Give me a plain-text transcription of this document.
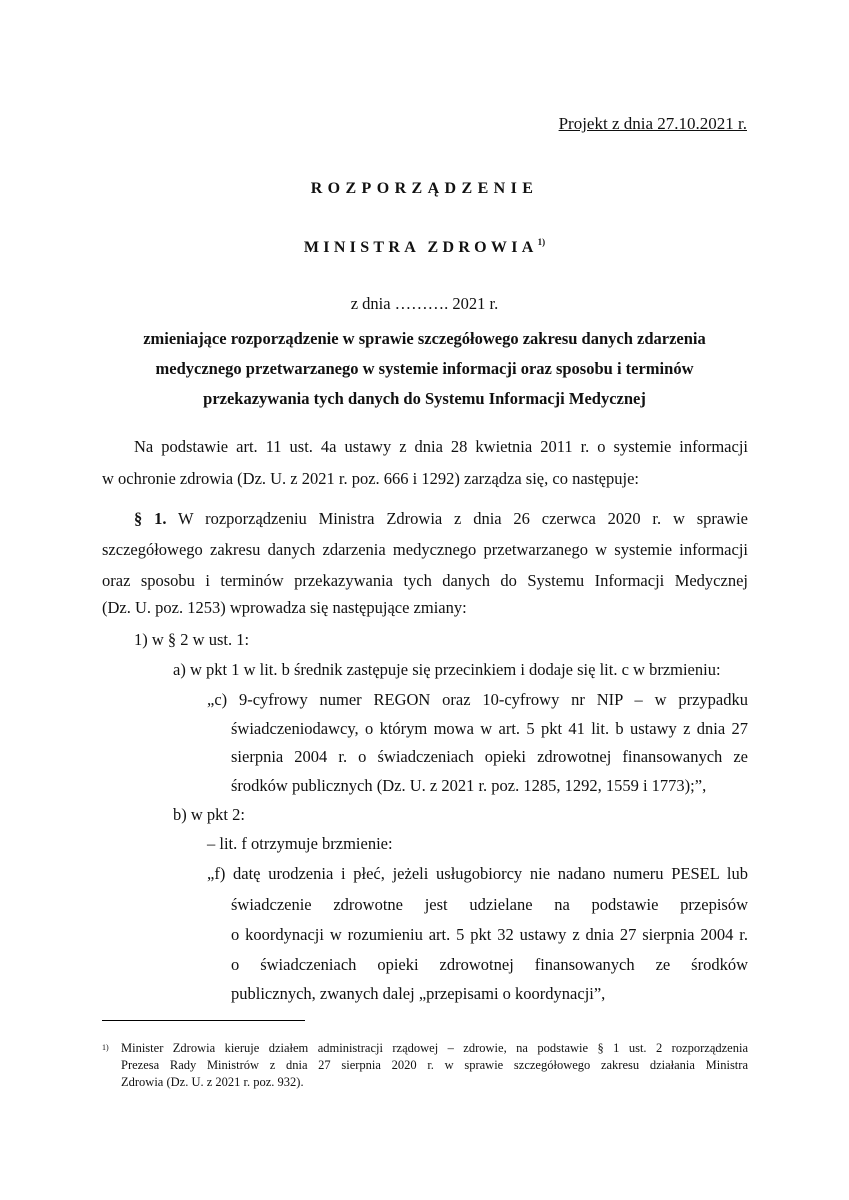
Projekt z dnia 27.10.2021 r.
ROZPORZĄDZENIE
MINISTRA ZDROWIA$^{1)}$
z dnia ………. 2021 r.
zmieniające rozporządzenie w sprawie szczegółowego zakresu danych zdarzenia
medycznego przetwarzanego w systemie informacji oraz sposobu i terminów
przekazywania tych danych do Systemu Informacji Medycznej
Na podstawie art. 11 ust. 4a ustawy z dnia 28 kwietnia 2011 r. o systemie informacji
w ochronie zdrowia (Dz. U. z 2021 r. poz. 666 i 1292) zarządza się, co następuje:
§ 1. W rozporządzeniu Ministra Zdrowia z dnia 26 czerwca 2020 r. w sprawie
szczegółowego zakresu danych zdarzenia medycznego przetwarzanego w systemie informacji
oraz sposobu i terminów przekazywania tych danych do Systemu Informacji Medycznej
(Dz. U. poz. 1253) wprowadza się następujące zmiany:
1) w § 2 w ust. 1:
a) w pkt 1 w lit. b średnik zastępuje się przecinkiem i dodaje się lit. c w brzmieniu:
„c) 9-cyfrowy numer REGON oraz 10-cyfrowy nr NIP – w przypadku
świadczeniodawcy, o którym mowa w art. 5 pkt 41 lit. b ustawy z dnia 27
sierpnia 2004 r. o świadczeniach opieki zdrowotnej finansowanych ze
środków publicznych (Dz. U. z 2021 r. poz. 1285, 1292, 1559 i 1773);”,
b) w pkt 2:
– lit. f otrzymuje brzmienie:
„f) datę urodzenia i płeć, jeżeli usługobiorcy nie nadano numeru PESEL lub
świadczenie zdrowotne jest udzielane na podstawie przepisów
o koordynacji w rozumieniu art. 5 pkt 32 ustawy z dnia 27 sierpnia 2004 r.
o świadczeniach opieki zdrowotnej finansowanych ze środków
publicznych, zwanych dalej „przepisami o koordynacji”,
$^{1)}$ Minister Zdrowia kieruje działem administracji rządowej – zdrowie, na podstawie § 1 ust. 2 rozporządzenia
Prezesa Rady Ministrów z dnia 27 sierpnia 2020 r. w sprawie szczegółowego zakresu działania Ministra
Zdrowia (Dz. U. z 2021 r. poz. 932).
